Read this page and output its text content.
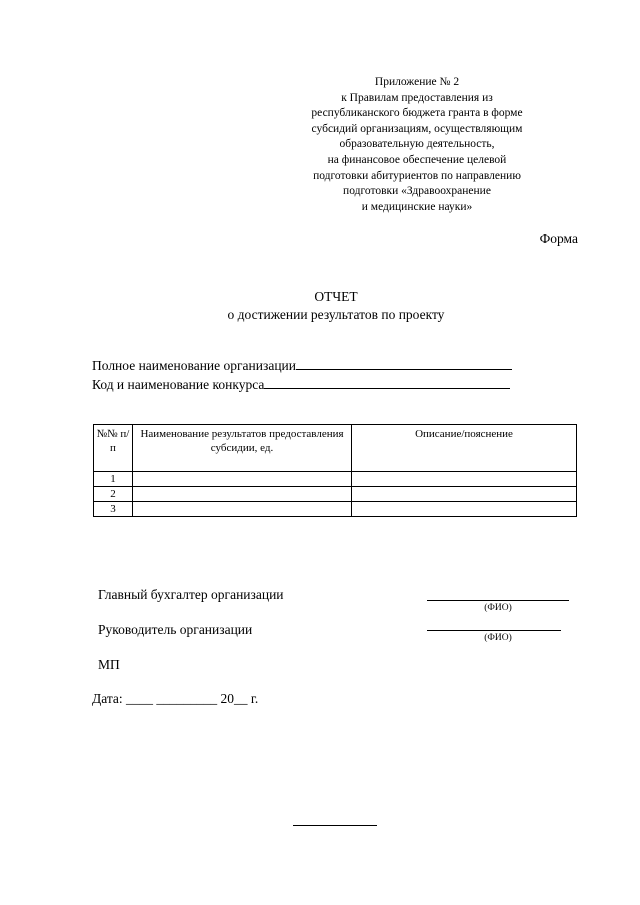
Приложение № 2
к Правилам предоставления из
республиканского бюджета гранта в форме
субсидий организациям, осуществляющим
образовательную деятельность,
на финансовое обеспечение целевой
подготовки абитуриентов по направлению
подготовки «Здравоохранение
и медицинские науки»
Форма
ОТЧЕТ
о достижении результатов по проекту
Полное наименование организации
Код и наименование конкурса
№№ п/п	Наименование результатов предоставления субсидии, ед.	Описание/пояснение
1		
2		
3		
Главный бухгалтер организации
(ФИО)
Руководитель организации
(ФИО)
МП
Дата: ____ _________ 20__ г.
